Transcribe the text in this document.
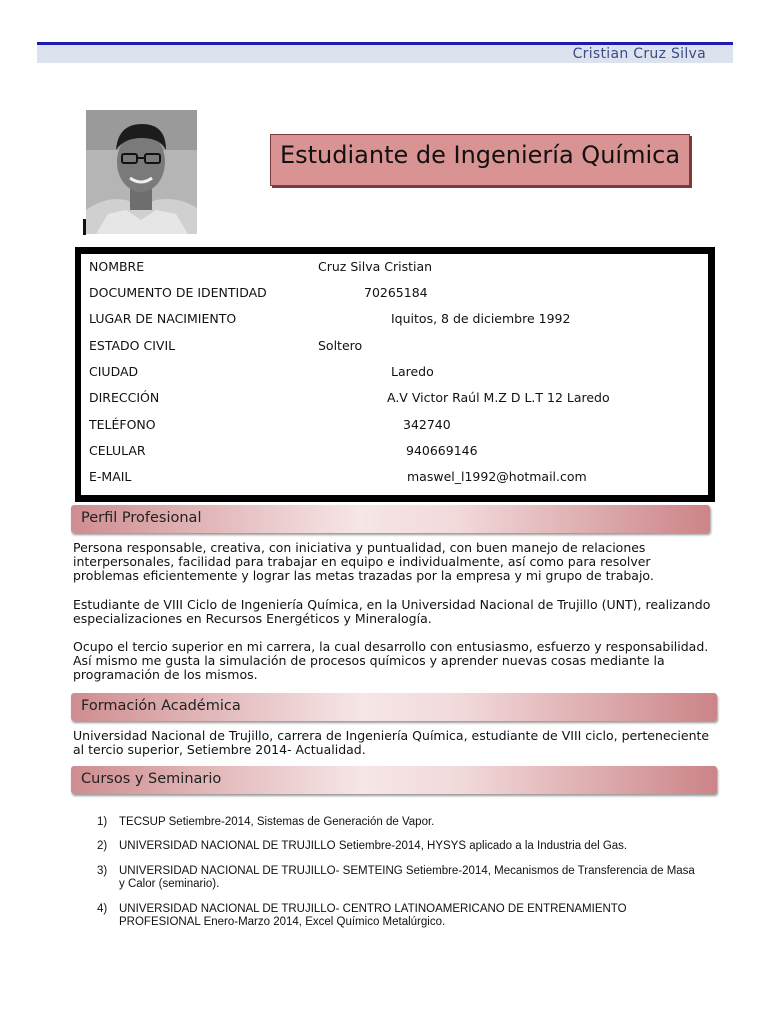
Cristian Cruz Silva
Estudiante de Ingeniería Química
NOMBRE	Cruz Silva Cristian
DOCUMENTO DE IDENTIDAD	70265184
LUGAR DE NACIMIENTO	Iquitos, 8 de diciembre 1992
ESTADO CIVIL	Soltero
CIUDAD	Laredo
DIRECCIÓN	A.V Victor Raúl M.Z D L.T 12 Laredo
TELÉFONO	342740
CELULAR	940669146
E-MAIL	maswel_l1992@hotmail.com
Perfil Profesional
Persona responsable, creativa, con iniciativa y puntualidad, con buen manejo de relaciones interpersonales, facilidad para trabajar en equipo e individualmente, así como para resolver problemas eficientemente y lograr las metas trazadas por la empresa y mi grupo de trabajo.
Estudiante de VIII Ciclo de Ingeniería Química, en la Universidad Nacional de Trujillo (UNT), realizando especializaciones en Recursos Energéticos y Mineralogía.
Ocupo el tercio superior en mi carrera, la cual desarrollo con entusiasmo, esfuerzo y responsabilidad. Así mismo me gusta la simulación de procesos químicos y aprender nuevas cosas mediante la programación de los mismos.
Formación Académica
Universidad Nacional de Trujillo, carrera de Ingeniería Química, estudiante de VIII ciclo, perteneciente al tercio superior, Setiembre 2014- Actualidad.
Cursos y Seminario
1) TECSUP Setiembre-2014, Sistemas de Generación de Vapor.
2) UNIVERSIDAD NACIONAL DE TRUJILLO Setiembre-2014, HYSYS aplicado a la Industria del Gas.
3) UNIVERSIDAD NACIONAL DE TRUJILLO- SEMTEING Setiembre-2014, Mecanismos de Transferencia de Masa y Calor (seminario).
4) UNIVERSIDAD NACIONAL DE TRUJILLO- CENTRO LATINOAMERICANO DE ENTRENAMIENTO PROFESIONAL Enero-Marzo 2014, Excel Químico Metalúrgico.
